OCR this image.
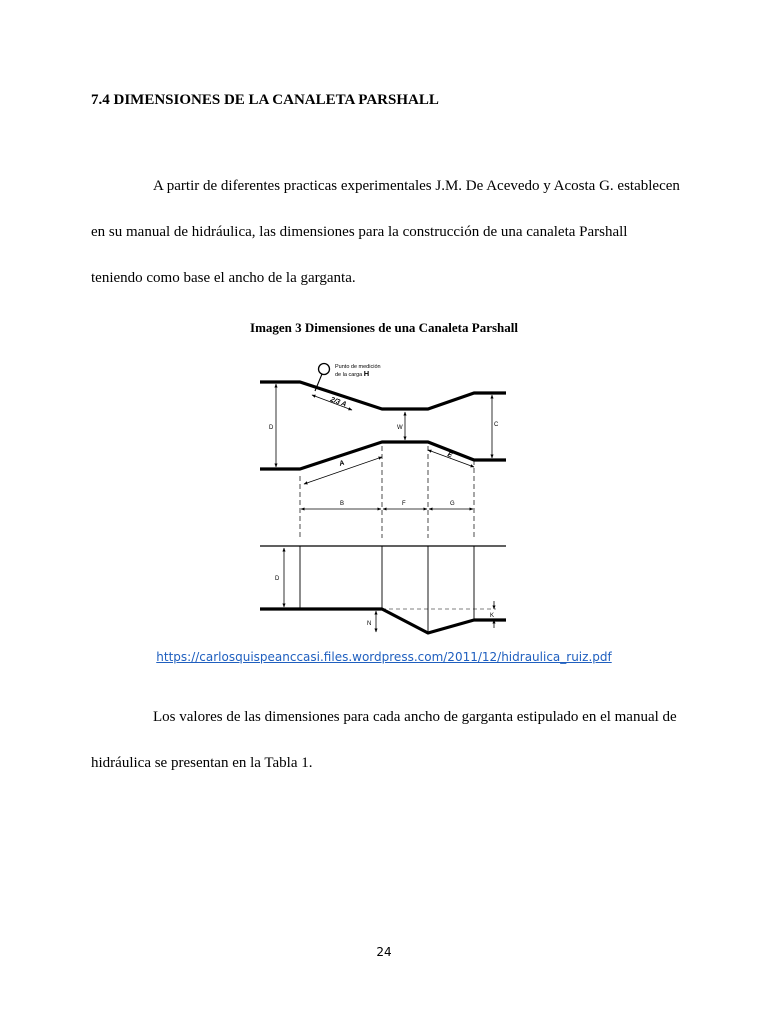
7.4 DIMENSIONES DE LA CANALETA PARSHALL

A partir de diferentes practicas experimentales J.M. De Acevedo y Acosta G. establecen en su manual de hidráulica, las dimensiones para la construcción de una canaleta Parshall teniendo como base el ancho de la garganta.

Imagen 3 Dimensiones de una Canaleta Parshall

Punto de medición
de la carga H
2/3 A
A
E
D	W	C
B	F	G
D
N
K
https://carlosquispeanccasi.files.wordpress.com/2011/12/hidraulica_ruiz.pdf

Los valores de las dimensiones para cada ancho de garganta estipulado en el manual de hidráulica se presentan en la Tabla 1.

24
